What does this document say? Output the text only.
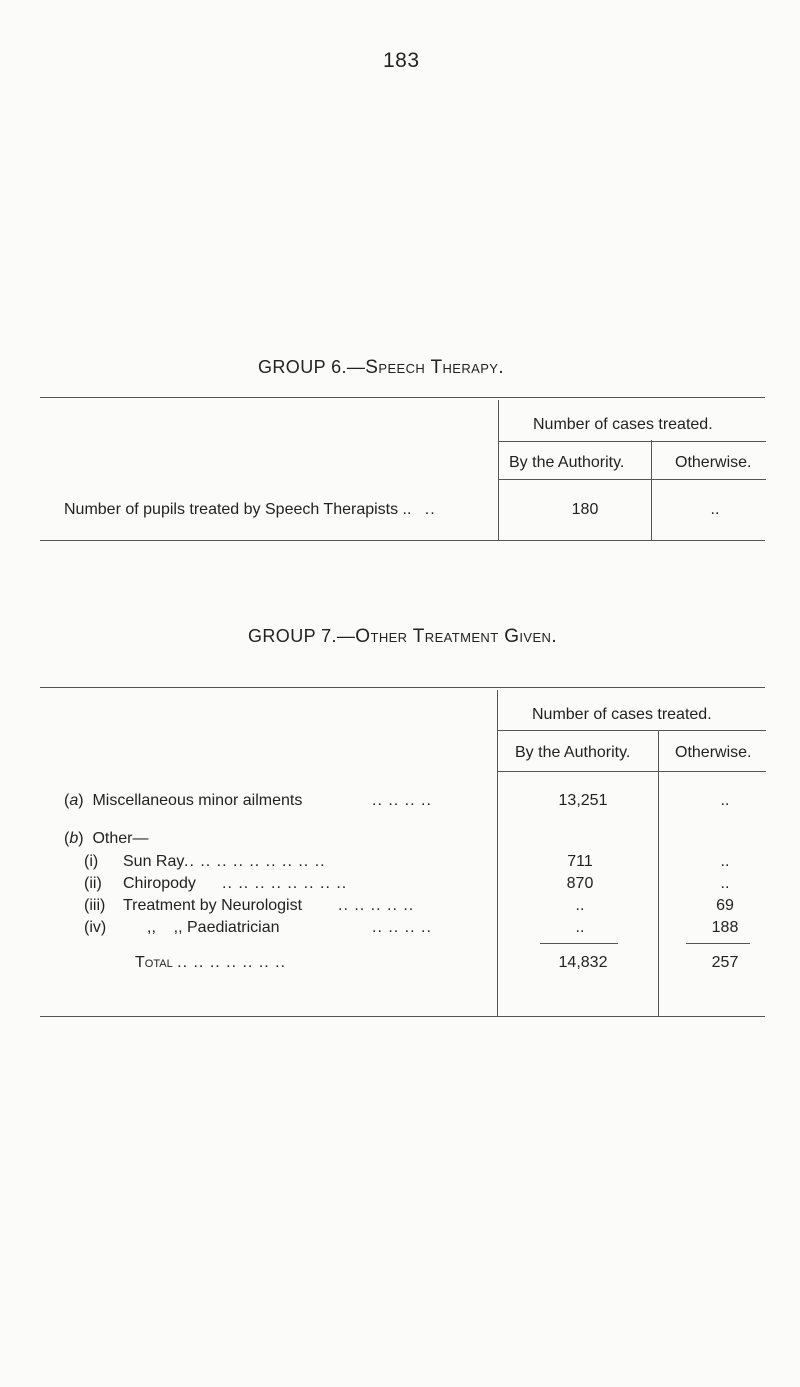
183
GROUP 6.—Speech Therapy.
Number of cases treated.
By the Authority.	Otherwise.
Number of pupils treated by Speech Therapists .. ..	180	..
GROUP 7.—Other Treatment Given.
Number of cases treated.
By the Authority.	Otherwise.
(a) Miscellaneous minor ailments	.. .. .. ..	13,251	..
(b) Other—
(i) Sun Ray .. .. .. .. .. .. .. .. ..	711	..
(ii) Chiropody .. .. .. .. .. .. .. ..	870	..
(iii) Treatment by Neurologist .. .. .. .. ..	..	69
(iv)	,,    ,, Paediatrician	.. .. .. ..	..	188
Total .. .. .. .. .. .. ..	14,832	257
